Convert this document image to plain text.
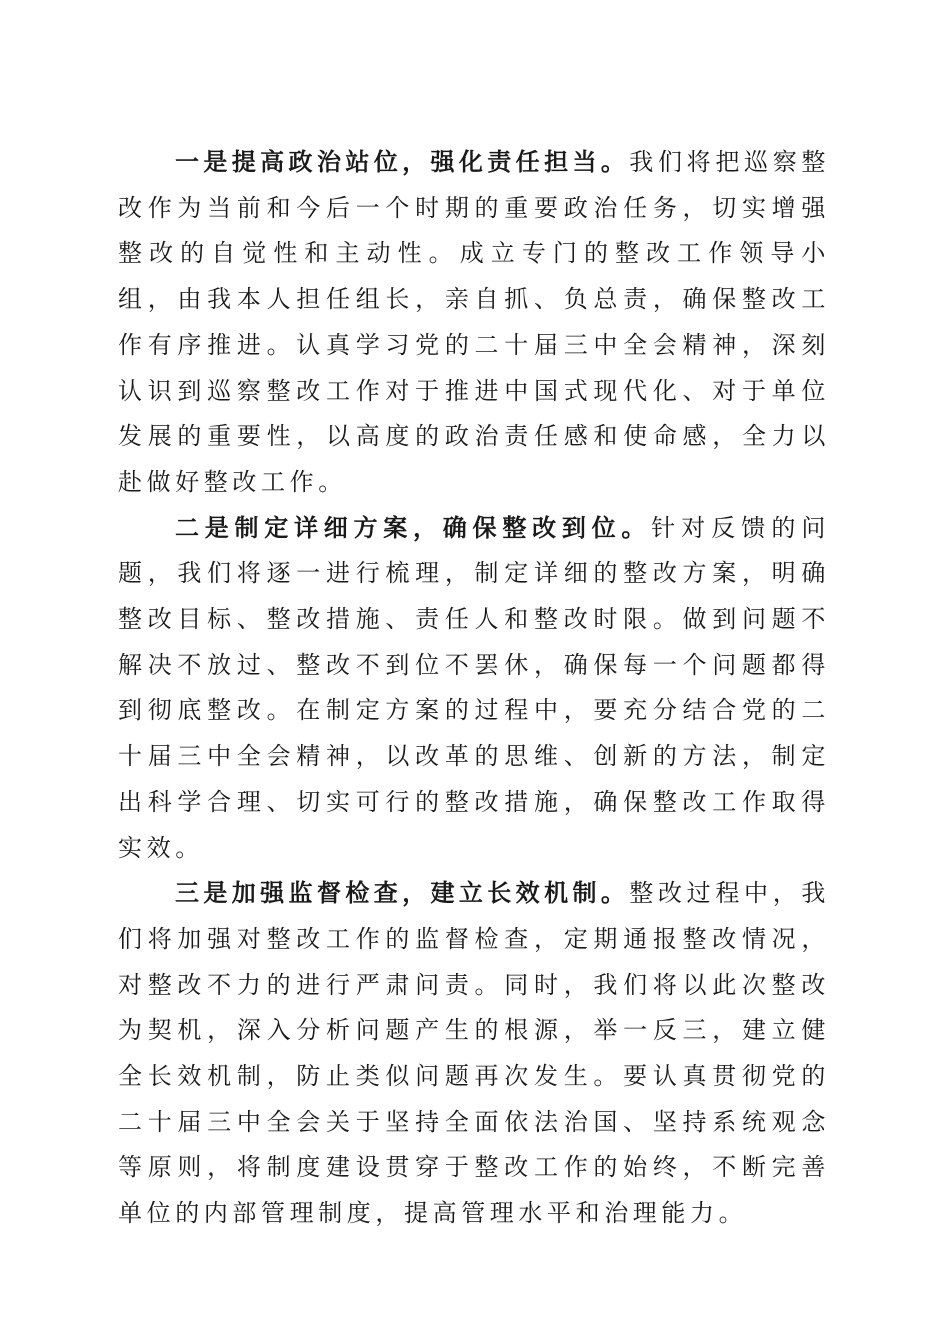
一是提高政治站位，强化责任担当。我们将把巡察整改作为当前和今后一个时期的重要政治任务，切实增强整改的自觉性和主动性。成立专门的整改工作领导小组，由我本人担任组长，亲自抓、负总责，确保整改工作有序推进。认真学习党的二十届三中全会精神，深刻认识到巡察整改工作对于推进中国式现代化、对于单位发展的重要性，以高度的政治责任感和使命感，全力以赴做好整改工作。

二是制定详细方案，确保整改到位。针对反馈的问题，我们将逐一进行梳理，制定详细的整改方案，明确整改目标、整改措施、责任人和整改时限。做到问题不解决不放过、整改不到位不罢休，确保每一个问题都得到彻底整改。在制定方案的过程中，要充分结合党的二十届三中全会精神，以改革的思维、创新的方法，制定出科学合理、切实可行的整改措施，确保整改工作取得实效。

三是加强监督检查，建立长效机制。整改过程中，我们将加强对整改工作的监督检查，定期通报整改情况，对整改不力的进行严肃问责。同时，我们将以此次整改为契机，深入分析问题产生的根源，举一反三，建立健全长效机制，防止类似问题再次发生。要认真贯彻党的二十届三中全会关于坚持全面依法治国、坚持系统观念等原则，将制度建设贯穿于整改工作的始终，不断完善单位的内部管理制度，提高管理水平和治理能力。
